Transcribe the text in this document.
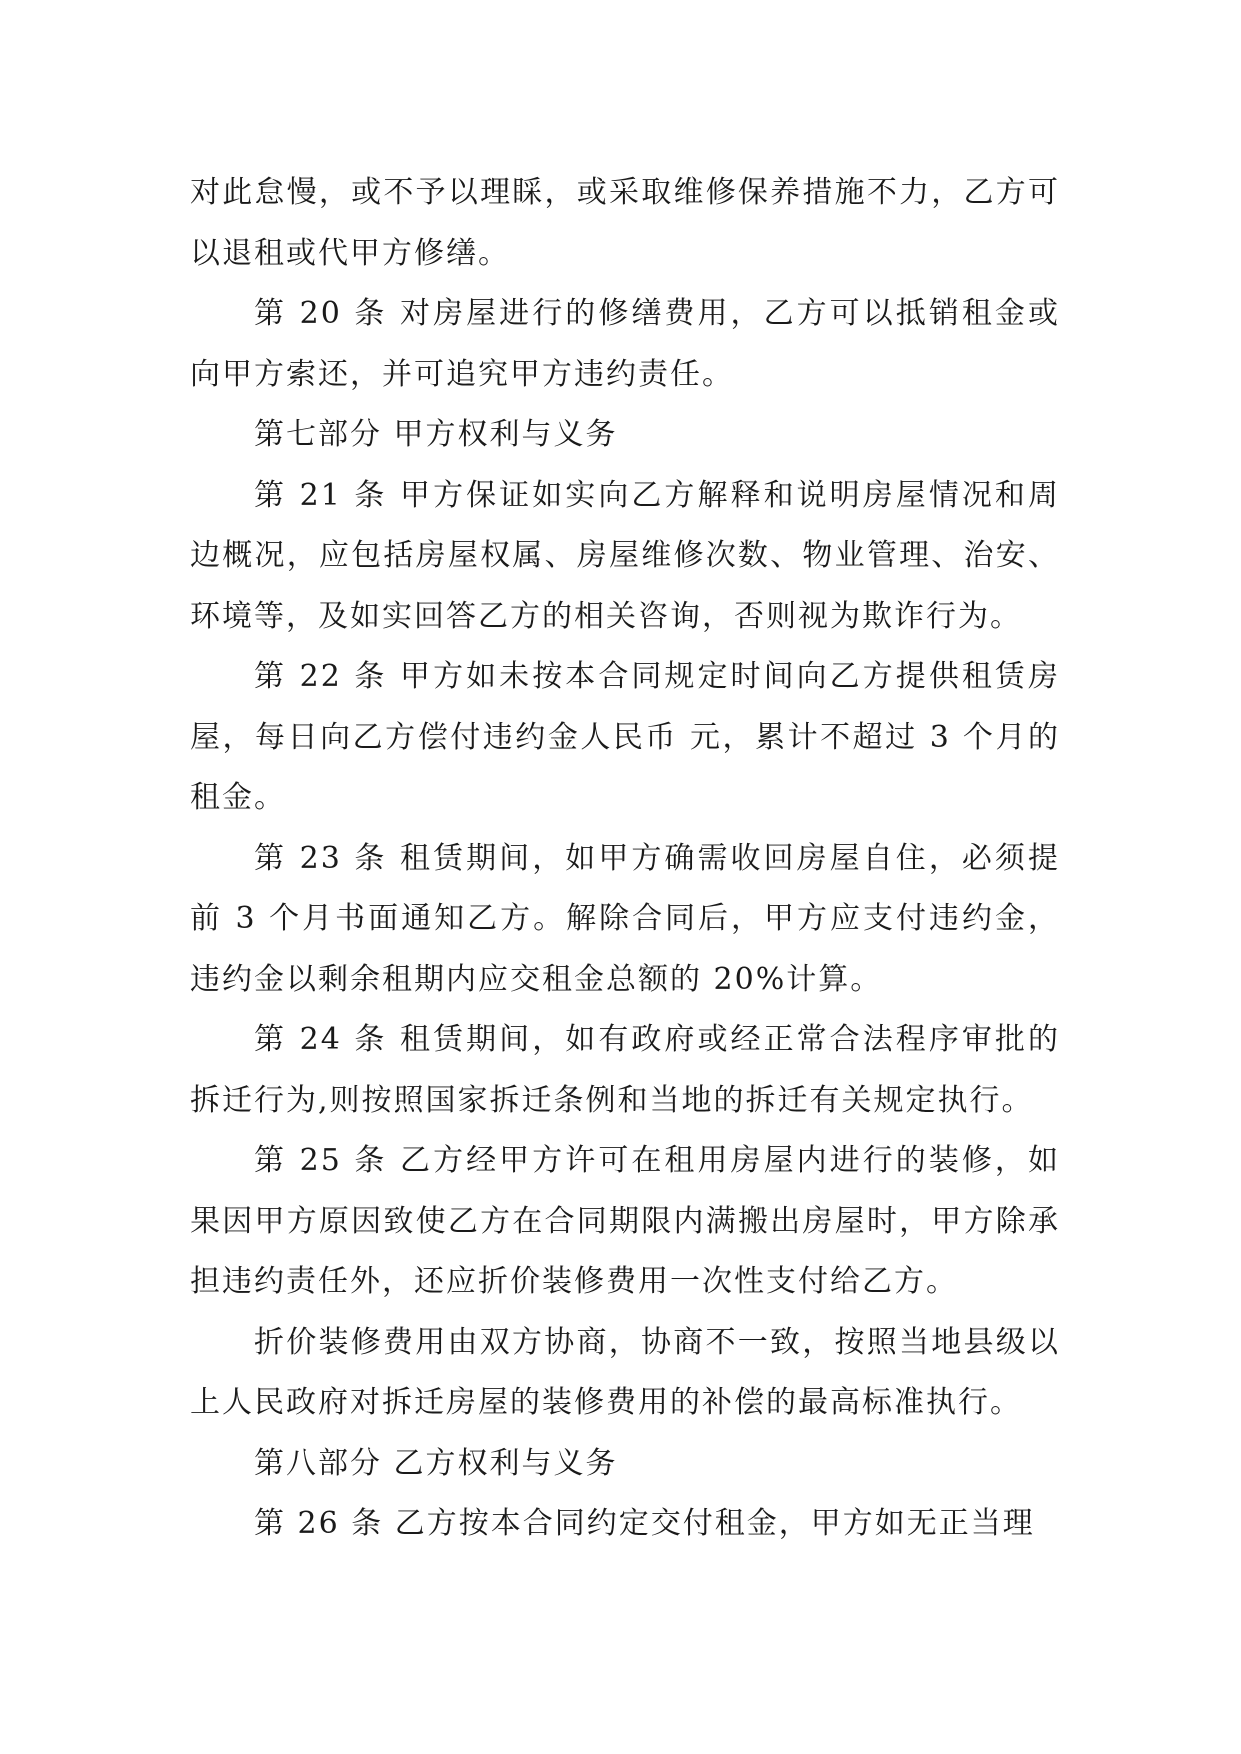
对此怠慢，或不予以理睬，或采取维修保养措施不力，乙方可以退租或代甲方修缮。

第 20 条 对房屋进行的修缮费用，乙方可以抵销租金或向甲方索还，并可追究甲方违约责任。

第七部分 甲方权利与义务

第 21 条 甲方保证如实向乙方解释和说明房屋情况和周边概况，应包括房屋权属、房屋维修次数、物业管理、治安、环境等，及如实回答乙方的相关咨询，否则视为欺诈行为。

第 22 条 甲方如未按本合同规定时间向乙方提供租赁房屋，每日向乙方偿付违约金人民币 元，累计不超过 3 个月的租金。

第 23 条 租赁期间，如甲方确需收回房屋自住，必须提前 3 个月书面通知乙方。解除合同后，甲方应支付违约金，违约金以剩余租期内应交租金总额的 20%计算。

第 24 条 租赁期间，如有政府或经正常合法程序审批的拆迁行为,则按照国家拆迁条例和当地的拆迁有关规定执行。

第 25 条 乙方经甲方许可在租用房屋内进行的装修，如果因甲方原因致使乙方在合同期限内满搬出房屋时，甲方除承担违约责任外，还应折价装修费用一次性支付给乙方。

折价装修费用由双方协商，协商不一致，按照当地县级以上人民政府对拆迁房屋的装修费用的补偿的最高标准执行。

第八部分 乙方权利与义务

第 26 条 乙方按本合同约定交付租金，甲方如无正当理
